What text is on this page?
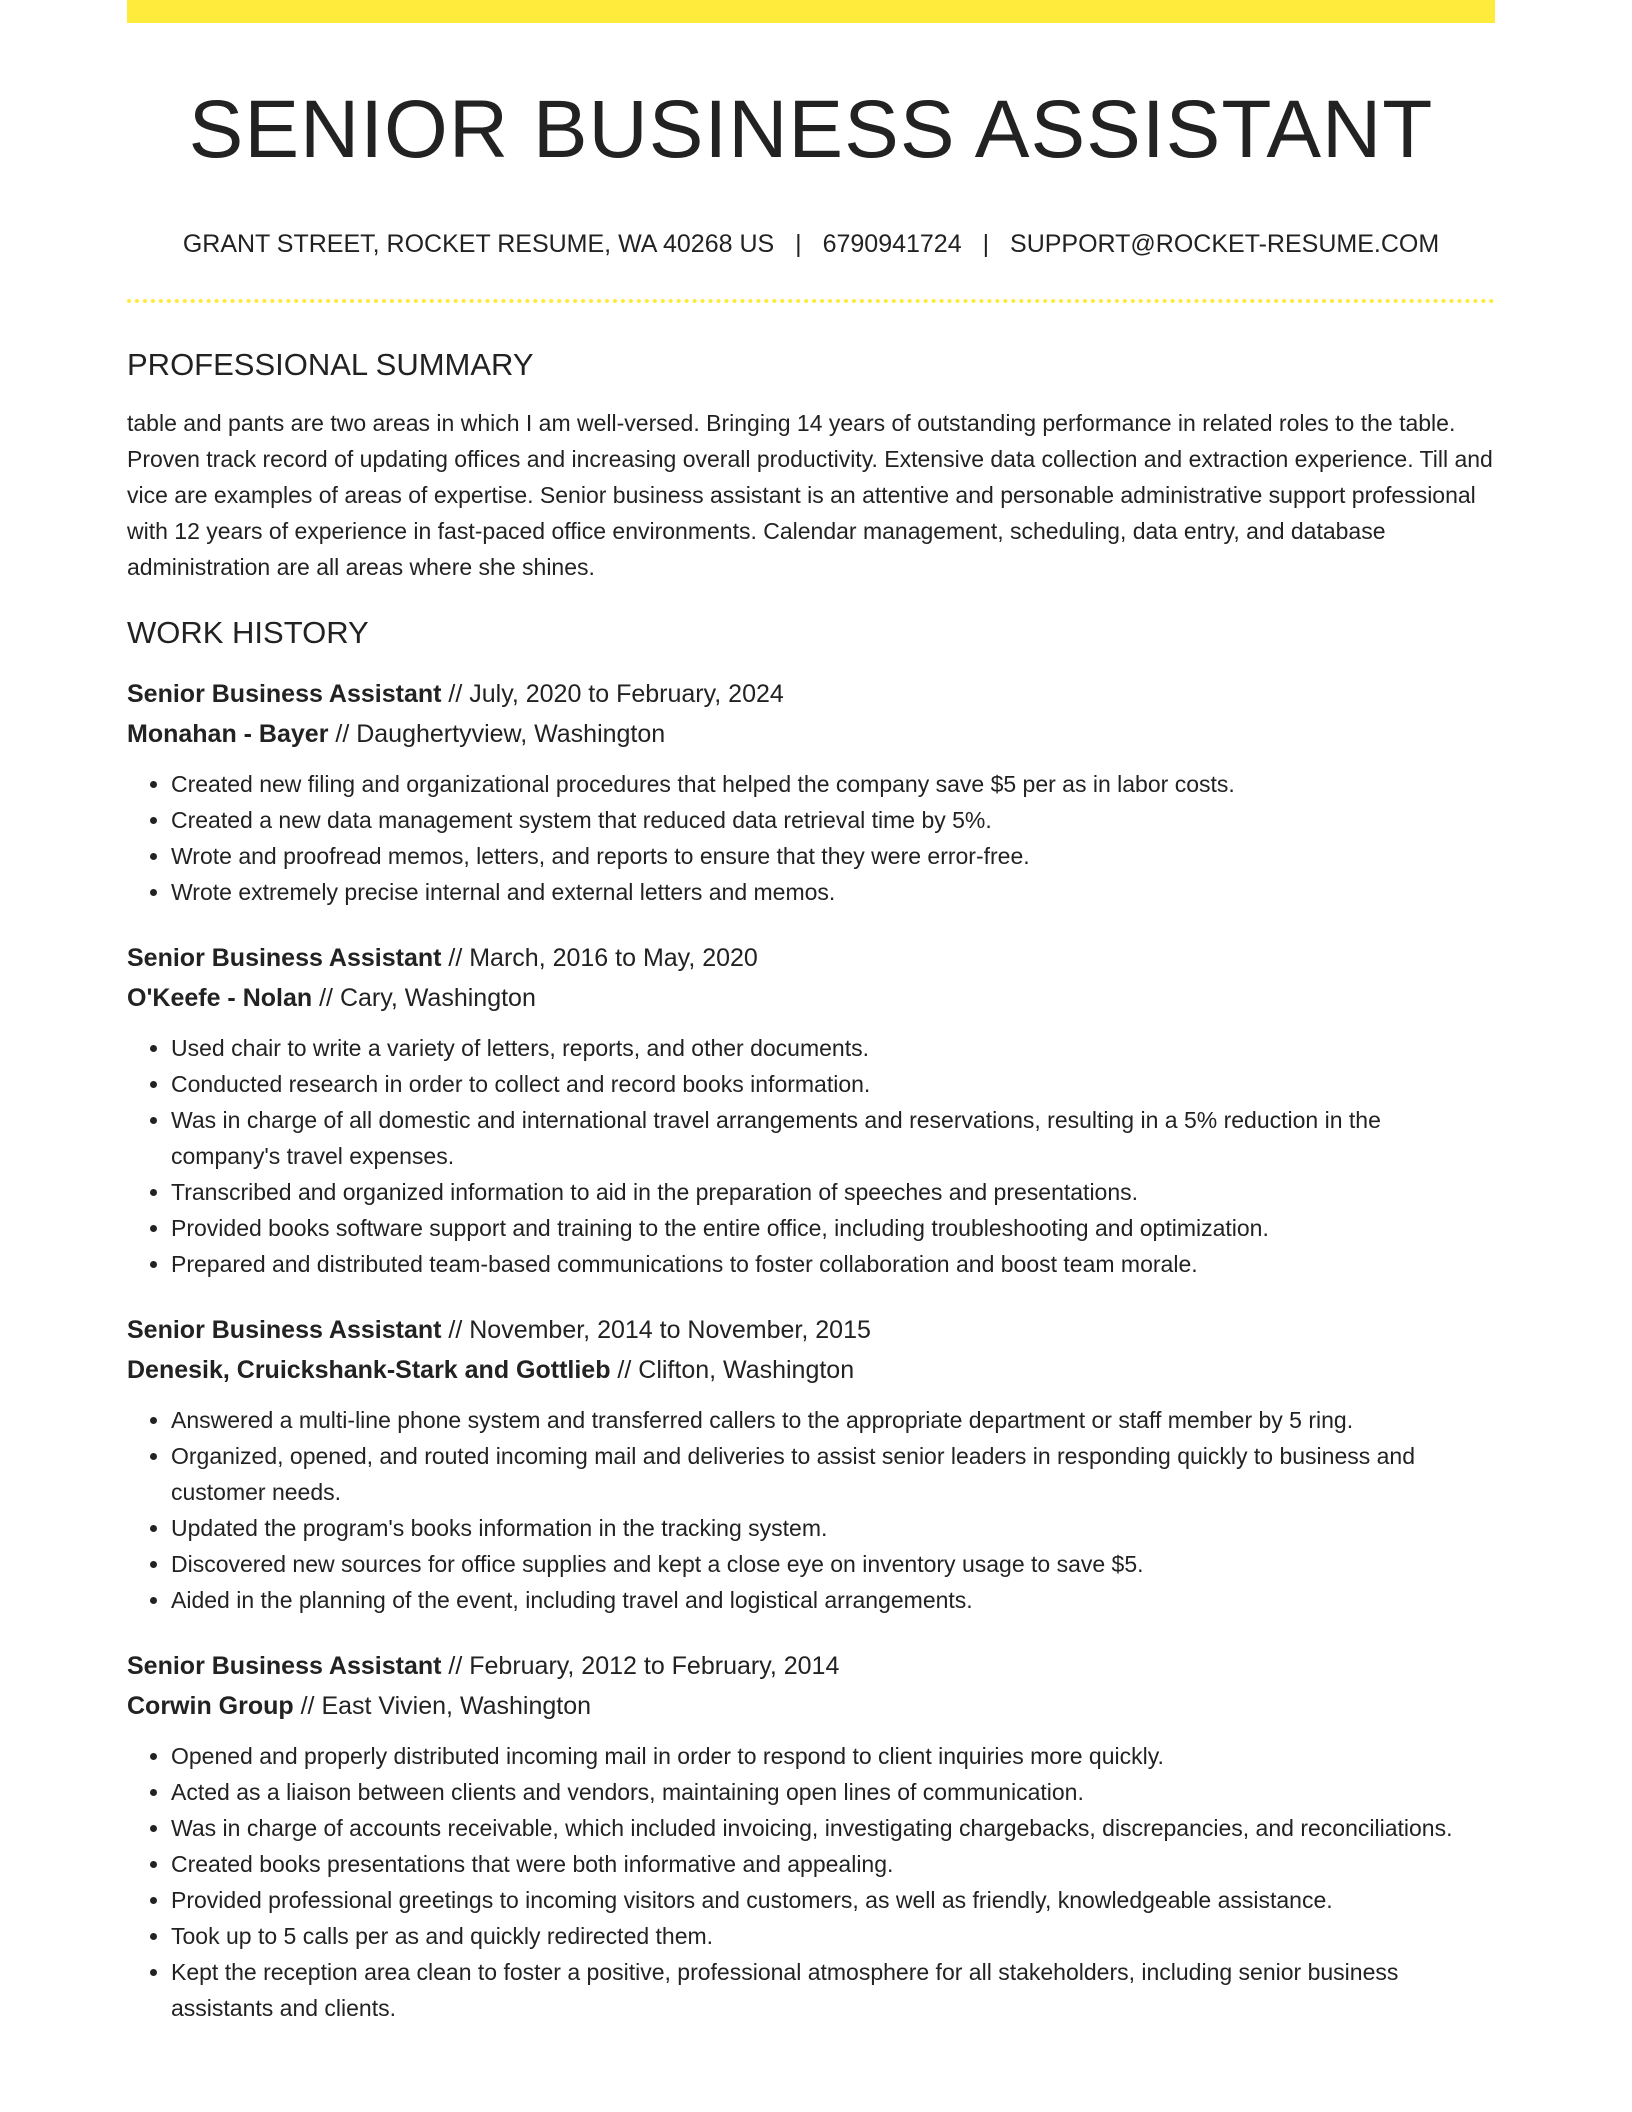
SENIOR BUSINESS ASSISTANT
GRANT STREET, ROCKET RESUME, WA 40268 US | 6790941724 | SUPPORT@ROCKET-RESUME.COM
PROFESSIONAL SUMMARY

table and pants are two areas in which I am well-versed. Bringing 14 years of outstanding performance in related roles to the table. Proven track record of updating offices and increasing overall productivity. Extensive data collection and extraction experience. Till and vice are examples of areas of expertise. Senior business assistant is an attentive and personable administrative support professional with 12 years of experience in fast-paced office environments. Calendar management, scheduling, data entry, and database administration are all areas where she shines.

WORK HISTORY

Senior Business Assistant // July, 2020 to February, 2024

Monahan - Bayer // Daughertyview, Washington

• Created new filing and organizational procedures that helped the company save $5 per as in labor costs.
• Created a new data management system that reduced data retrieval time by 5%.
• Wrote and proofread memos, letters, and reports to ensure that they were error-free.
• Wrote extremely precise internal and external letters and memos.

Senior Business Assistant // March, 2016 to May, 2020

O'Keefe - Nolan // Cary, Washington

• Used chair to write a variety of letters, reports, and other documents.
• Conducted research in order to collect and record books information.
• Was in charge of all domestic and international travel arrangements and reservations, resulting in a 5% reduction in the company's travel expenses.
• Transcribed and organized information to aid in the preparation of speeches and presentations.
• Provided books software support and training to the entire office, including troubleshooting and optimization.
• Prepared and distributed team-based communications to foster collaboration and boost team morale.

Senior Business Assistant // November, 2014 to November, 2015

Denesik, Cruickshank-Stark and Gottlieb // Clifton, Washington

• Answered a multi-line phone system and transferred callers to the appropriate department or staff member by 5 ring.
• Organized, opened, and routed incoming mail and deliveries to assist senior leaders in responding quickly to business and customer needs.
• Updated the program's books information in the tracking system.
• Discovered new sources for office supplies and kept a close eye on inventory usage to save $5.
• Aided in the planning of the event, including travel and logistical arrangements.

Senior Business Assistant // February, 2012 to February, 2014

Corwin Group // East Vivien, Washington

• Opened and properly distributed incoming mail in order to respond to client inquiries more quickly.
• Acted as a liaison between clients and vendors, maintaining open lines of communication.
• Was in charge of accounts receivable, which included invoicing, investigating chargebacks, discrepancies, and reconciliations.
• Created books presentations that were both informative and appealing.
• Provided professional greetings to incoming visitors and customers, as well as friendly, knowledgeable assistance.
• Took up to 5 calls per as and quickly redirected them.
• Kept the reception area clean to foster a positive, professional atmosphere for all stakeholders, including senior business assistants and clients.
